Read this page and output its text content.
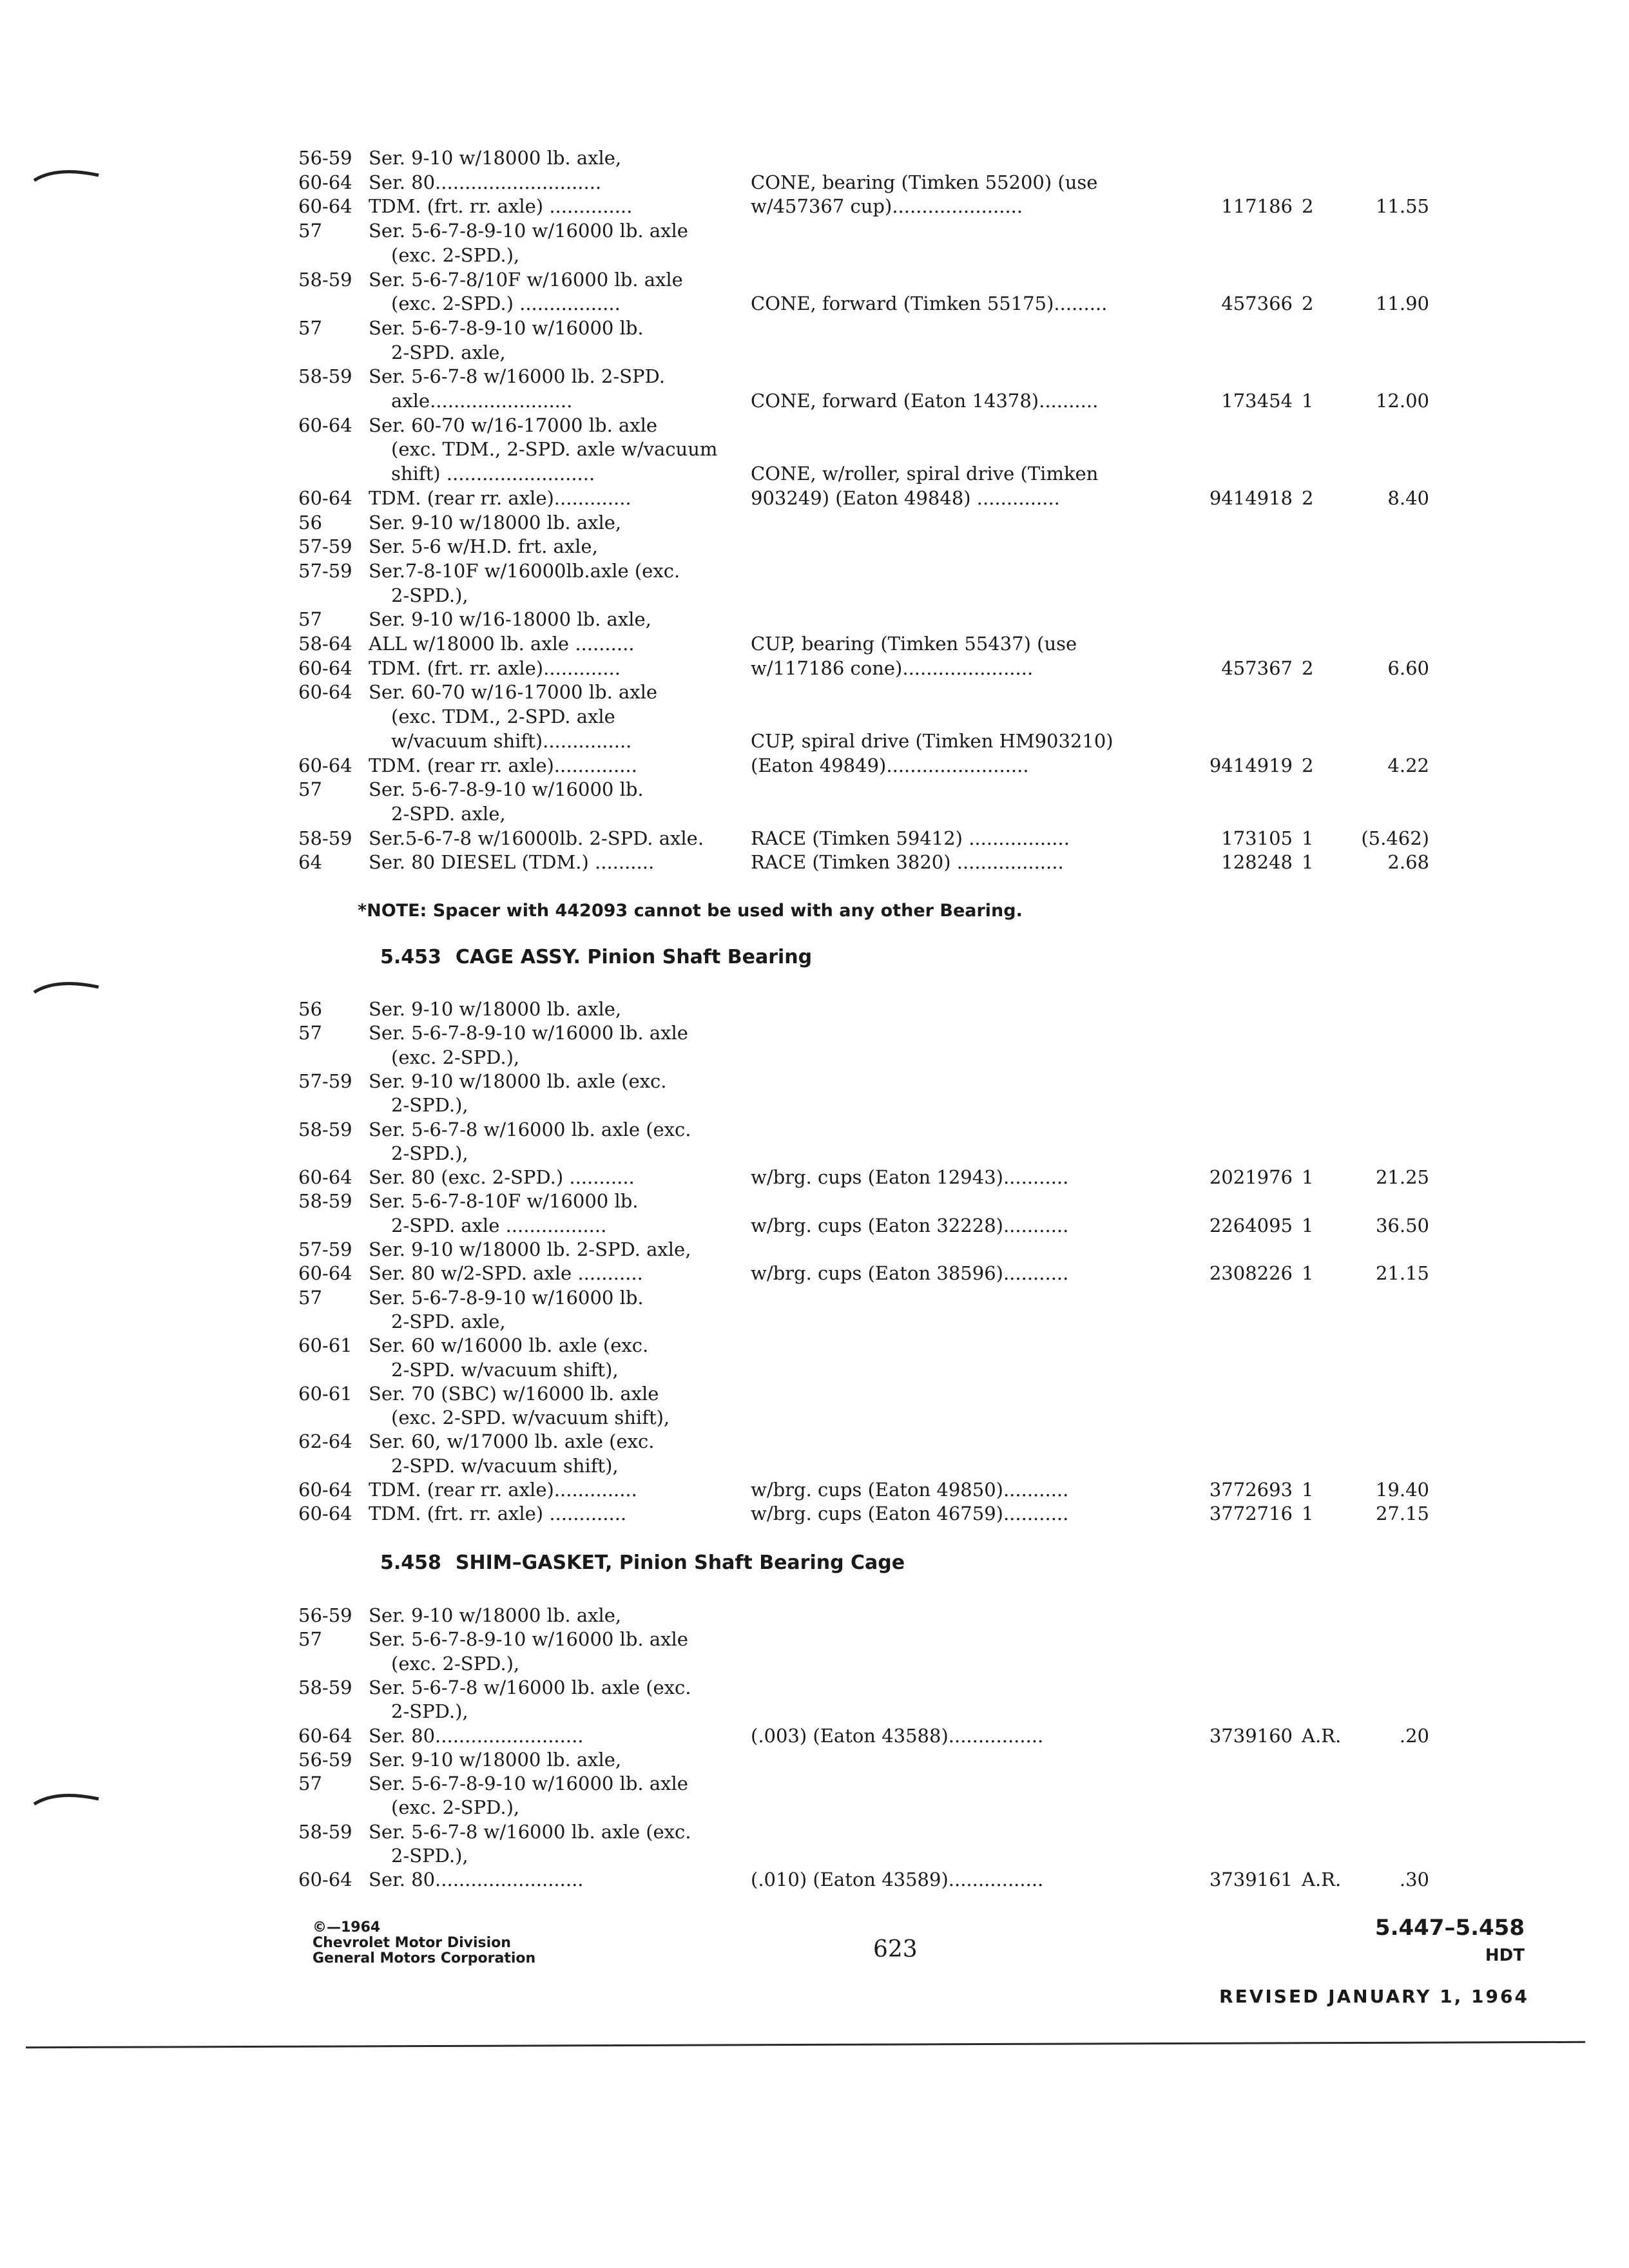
56-59 Ser. 9-10 w/18000 lb. axle,
60-64 Ser. 80............................	CONE, bearing (Timken 55200) (use
60-64 TDM. (frt. rr. axle) ..............	w/457367 cup)......................	117186 2	11.55
57 Ser. 5-6-7-8-9-10 w/16000 lb. axle
(exc. 2-SPD.),
58-59 Ser. 5-6-7-8/10F w/16000 lb. axle
(exc. 2-SPD.) .................	CONE, forward (Timken 55175).........	457366 2	11.90
57 Ser. 5-6-7-8-9-10 w/16000 lb.
2-SPD. axle,
58-59 Ser. 5-6-7-8 w/16000 lb. 2-SPD.
axle........................	CONE, forward (Eaton 14378)..........	173454 1	12.00
60-64 Ser. 60-70 w/16-17000 lb. axle
(exc. TDM., 2-SPD. axle w/vacuum
shift) .........................	CONE, w/roller, spiral drive (Timken
60-64 TDM. (rear rr. axle).............	903249) (Eaton 49848) ..............	9414918 2	8.40
56 Ser. 9-10 w/18000 lb. axle,
57-59 Ser. 5-6 w/H.D. frt. axle,
57-59 Ser.7-8-10F w/16000lb.axle (exc.
2-SPD.),
57 Ser. 9-10 w/16-18000 lb. axle,
58-64 ALL w/18000 lb. axle ..........	CUP, bearing (Timken 55437) (use
60-64 TDM. (frt. rr. axle).............	w/117186 cone)......................	457367 2	6.60
60-64 Ser. 60-70 w/16-17000 lb. axle
(exc. TDM., 2-SPD. axle
w/vacuum shift)...............	CUP, spiral drive (Timken HM903210)
60-64 TDM. (rear rr. axle)..............	(Eaton 49849)........................	9414919 2	4.22
57 Ser. 5-6-7-8-9-10 w/16000 lb.
2-SPD. axle,
58-59 Ser.5-6-7-8 w/16000lb. 2-SPD. axle.	RACE (Timken 59412) .................	173105 1	(5.462)
64 Ser. 80 DIESEL (TDM.) ..........	RACE (Timken 3820) ..................	128248 1	2.68
*NOTE: Spacer with 442093 cannot be used with any other Bearing.
5.453 CAGE ASSY. Pinion Shaft Bearing
56 Ser. 9-10 w/18000 lb. axle,
57 Ser. 5-6-7-8-9-10 w/16000 lb. axle
(exc. 2-SPD.),
57-59 Ser. 9-10 w/18000 lb. axle (exc.
2-SPD.),
58-59 Ser. 5-6-7-8 w/16000 lb. axle (exc.
2-SPD.),
60-64 Ser. 80 (exc. 2-SPD.) ...........	w/brg. cups (Eaton 12943)...........	2021976 1	21.25
58-59 Ser. 5-6-7-8-10F w/16000 lb.
2-SPD. axle .................	w/brg. cups (Eaton 32228)...........	2264095 1	36.50
57-59 Ser. 9-10 w/18000 lb. 2-SPD. axle,
60-64 Ser. 80 w/2-SPD. axle ...........	w/brg. cups (Eaton 38596)...........	2308226 1	21.15
57 Ser. 5-6-7-8-9-10 w/16000 lb.
2-SPD. axle,
60-61 Ser. 60 w/16000 lb. axle (exc.
2-SPD. w/vacuum shift),
60-61 Ser. 70 (SBC) w/16000 lb. axle
(exc. 2-SPD. w/vacuum shift),
62-64 Ser. 60, w/17000 lb. axle (exc.
2-SPD. w/vacuum shift),
60-64 TDM. (rear rr. axle)..............	w/brg. cups (Eaton 49850)...........	3772693 1	19.40
60-64 TDM. (frt. rr. axle) .............	w/brg. cups (Eaton 46759)...........	3772716 1	27.15
5.458 SHIM–GASKET, Pinion Shaft Bearing Cage
56-59 Ser. 9-10 w/18000 lb. axle,
57 Ser. 5-6-7-8-9-10 w/16000 lb. axle
(exc. 2-SPD.),
58-59 Ser. 5-6-7-8 w/16000 lb. axle (exc.
2-SPD.),
60-64 Ser. 80.........................	(.003) (Eaton 43588)................	3739160 A.R.	.20
56-59 Ser. 9-10 w/18000 lb. axle,
57 Ser. 5-6-7-8-9-10 w/16000 lb. axle
(exc. 2-SPD.),
58-59 Ser. 5-6-7-8 w/16000 lb. axle (exc.
2-SPD.),
60-64 Ser. 80.........................	(.010) (Eaton 43589)................	3739161 A.R.	.30
©—1964
Chevrolet Motor Division
General Motors Corporation	623
5.447–5.458
HDT
REVISED JANUARY 1, 1964
